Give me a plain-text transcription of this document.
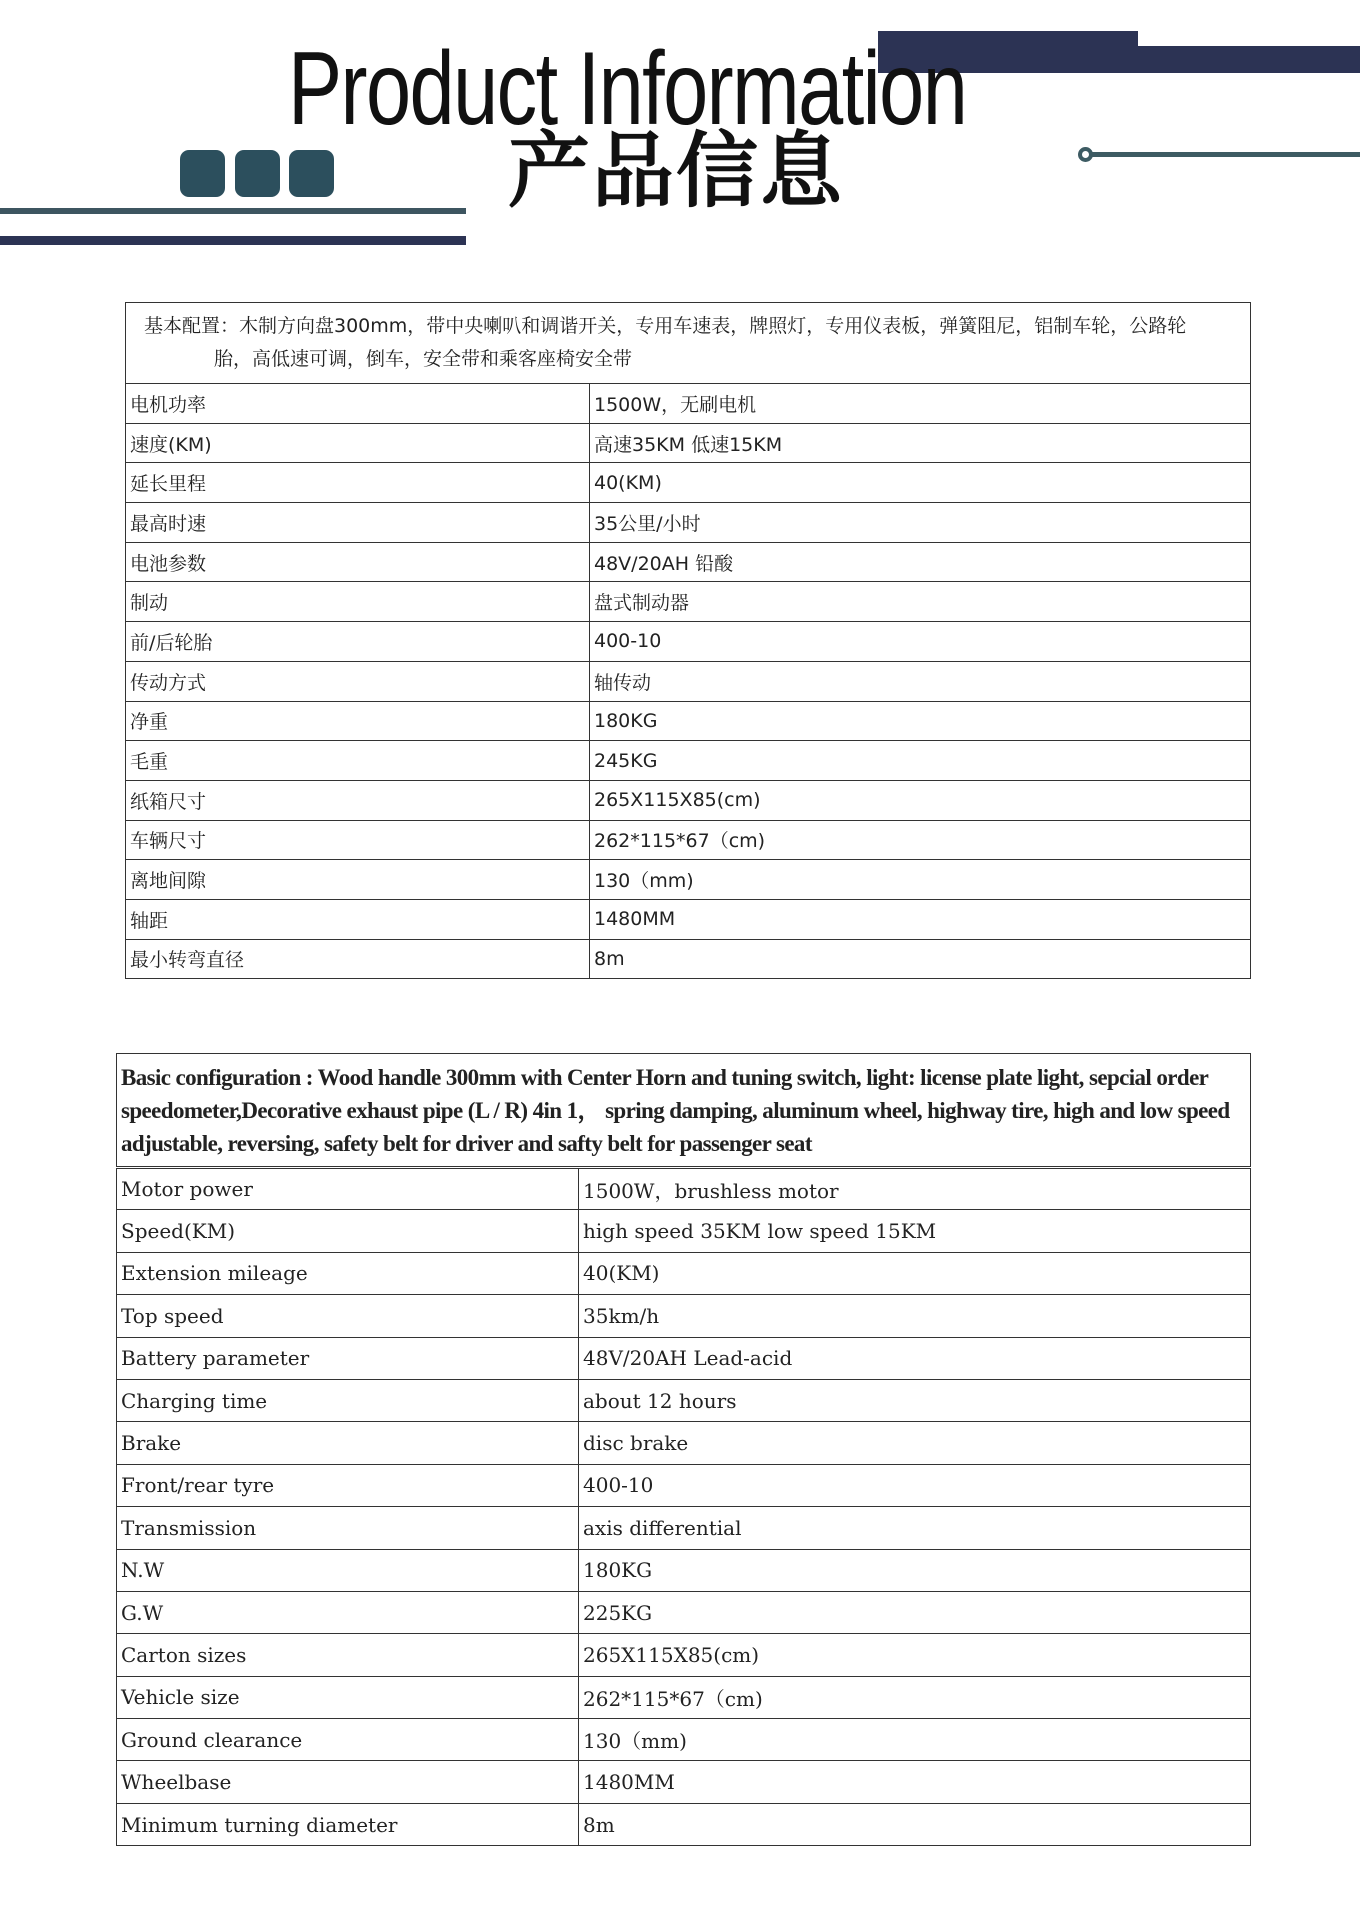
Product Information
产品信息
基本配置：木制方向盘300mm，带中央喇叭和调谐开关，专用车速表，牌照灯，专用仪表板，弹簧阻尼，铝制车轮，公路轮
胎，高低速可调，倒车，安全带和乘客座椅安全带	
电机功率	1500W，无刷电机
速度(KM)	高速35KM 低速15KM
延长里程	40(KM)
最高时速	35公里/小时
电池参数	48V/20AH 铅酸
制动	盘式制动器
前/后轮胎	400-10
传动方式	轴传动
净重	180KG
毛重	245KG
纸箱尺寸	265X115X85(cm)
车辆尺寸	262*115*67（cm)
离地间隙	130（mm)
轴距	1480MM
最小转弯直径	8m
Basic configuration : Wood handle 300mm with Center Horn and tuning switch, light: license plate light, sepcial order speedometer,Decorative exhaust pipe (L / R) 4in 1， spring damping, aluminum wheel, highway tire, high and low speed adjustable, reversing, safety belt for driver and safty belt for passenger seat	
Motor power	1500W，brushless motor
Speed(KM)	high speed 35KM low speed 15KM
Extension mileage	40(KM)
Top speed	35km/h
Battery parameter	48V/20AH Lead-acid
Charging time	about 12 hours
Brake	disc brake
Front/rear tyre	400-10
Transmission	axis differential
N.W	180KG
G.W	225KG
Carton sizes	265X115X85(cm)
Vehicle size	262*115*67（cm)
Ground clearance	130（mm)
Wheelbase	1480MM
Minimum turning diameter	8m
